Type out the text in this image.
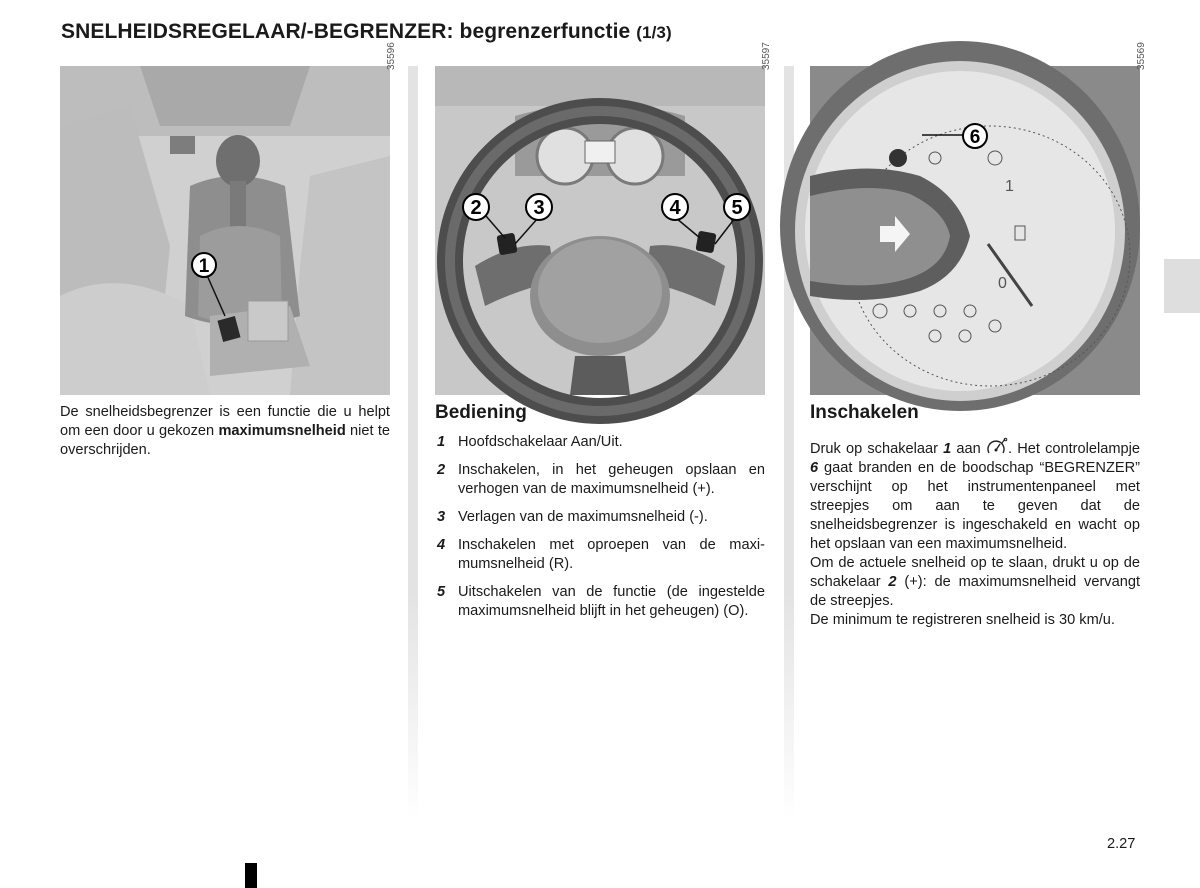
SNELHEIDSREGELAAR/-BEGRENZER: begrenzerfunctie (1/3)
1
35596
2	3	4	5
35597
1
0
6
35569

De snelheidsbegrenzer is een functie die u helpt om een door u gekozen maximumsnelheid niet te overschrijden.

Bediening
1 Hoofdschakelaar Aan/Uit.
2 Inschakelen, in het geheugen opslaan en verhogen van de maximumsnelheid (+).
3 Verlagen van de maximumsnelheid (-).
4 Inschakelen met oproepen van de maximumsnelheid (R).
5 Uitschakelen van de functie (de ingestelde maximumsnelheid blijft in het geheugen) (O).
Inschakelen

Druk op schakelaar 1 aan . Het controlelampje 6 gaat branden en de boodschap “BEGRENZER” verschijnt op het instrumentenpaneel met streepjes om aan te geven dat de snelheidsbegrenzer is ingeschakeld en wacht op het opslaan van een maximumsnelheid.

Om de actuele snelheid op te slaan, drukt u op de schakelaar 2 (+): de maximumsnelheid vervangt de streepjes.

De minimum te registreren snelheid is 30 km/u.

2.27
